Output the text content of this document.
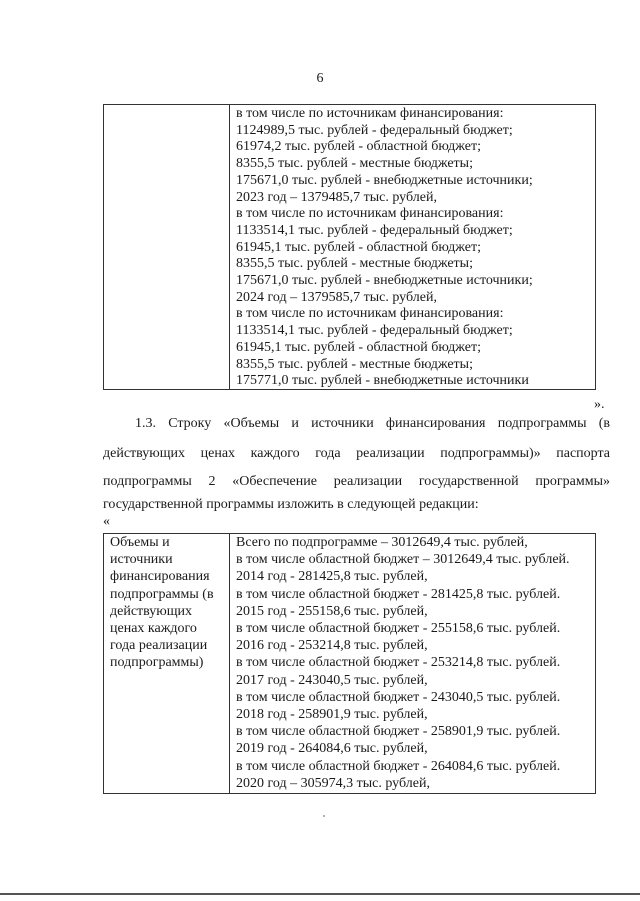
6
в том числе по источникам финансирования:
1124989,5 тыс. рублей - федеральный бюджет;
61974,2 тыс. рублей - областной бюджет;
8355,5 тыс. рублей - местные бюджеты;
175671,0 тыс. рублей - внебюджетные источники;
2023 год – 1379485,7 тыс. рублей,
в том числе по источникам финансирования:
1133514,1 тыс. рублей - федеральный бюджет;
61945,1 тыс. рублей - областной бюджет;
8355,5 тыс. рублей - местные бюджеты;
175671,0 тыс. рублей - внебюджетные источники;
2024 год – 1379585,7 тыс. рублей,
в том числе по источникам финансирования:
1133514,1 тыс. рублей - федеральный бюджет;
61945,1 тыс. рублей - областной бюджет;
8355,5 тыс. рублей - местные бюджеты;
175771,0 тыс. рублей - внебюджетные источники
».
1.3. Строку «Объемы и источники финансирования подпрограммы (в
действующих ценах каждого года реализации подпрограммы)» паспорта
подпрограммы 2 «Обеспечение реализации государственной программы»
государственной программы изложить в следующей редакции:
«
Объемы и
источники
финансирования
подпрограммы (в
действующих
ценах каждого
года реализации
подпрограммы)
Всего по подпрограмме – 3012649,4 тыс. рублей,
в том числе областной бюджет – 3012649,4 тыс. рублей.
2014 год - 281425,8 тыс. рублей,
в том числе областной бюджет - 281425,8 тыс. рублей.
2015 год - 255158,6 тыс. рублей,
в том числе областной бюджет - 255158,6 тыс. рублей.
2016 год - 253214,8 тыс. рублей,
в том числе областной бюджет - 253214,8 тыс. рублей.
2017 год - 243040,5 тыс. рублей,
в том числе областной бюджет - 243040,5 тыс. рублей.
2018 год - 258901,9 тыс. рублей,
в том числе областной бюджет - 258901,9 тыс. рублей.
2019 год - 264084,6 тыс. рублей,
в том числе областной бюджет - 264084,6 тыс. рублей.
2020 год – 305974,3 тыс. рублей,
